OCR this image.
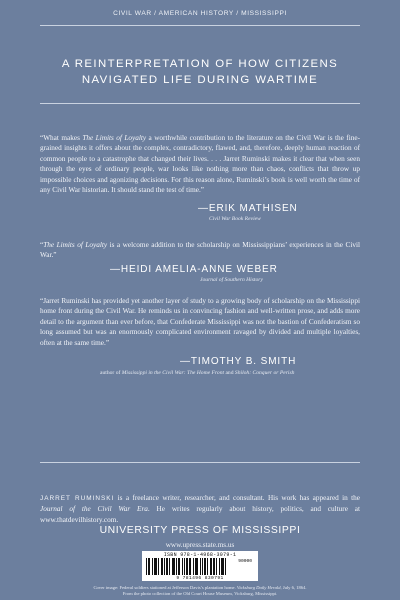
CIVIL WAR / AMERICAN HISTORY / MISSISSIPPI
A REINTERPRETATION OF HOW CITIZENS
NAVIGATED LIFE DURING WARTIME
“What makes The Limits of Loyalty a worthwhile contribution to the literature on the Civil War is the fine-grained insights it offers about the complex, contradictory, flawed, and, therefore, deeply human reaction of common people to a catastrophe that changed their lives. . . . Jarret Ruminski makes it clear that when seen through the eyes of ordinary people, war looks like nothing more than chaos, conflicts that throw up impossible choices and agonizing decisions. For this reason alone, Ruminski’s book is well worth the time of any Civil War historian. It should stand the test of time.”
—ERIK MATHISEN
Civil War Book Review
“The Limits of Loyalty is a welcome addition to the scholarship on Mississippians’ experiences in the Civil War.”
—HEIDI AMELIA-ANNE WEBER
Journal of Southern History
“Jarret Ruminski has provided yet another layer of study to a growing body of scholarship on the Mississippi home front during the Civil War. He reminds us in convincing fashion and well-written prose, and adds more detail to the argument than ever before, that Confederate Mississippi was not the bastion of Confederatism so long assumed but was an enormously complicated environment ravaged by divided and multiple loyalties, often at the same time.”
—TIMOTHY B. SMITH
author of Mississippi in the Civil War: The Home Front and Shiloh: Conquer or Perish
JARRET RUMINSKI is a freelance writer, researcher, and consultant. His work has appeared in the Journal of the Civil War Era. He writes regularly about history, politics, and culture at www.thatdevilhistory.com.
UNIVERSITY PRESS OF MISSISSIPPI
www.upress.state.ms.us
ISBN 978-1-4968-3079-1
90000
9 781496 830791
Cover image: Federal soldiers stationed at Jefferson Davis’s plantation home. Vicksburg Daily Herald, July 6, 1864.
From the photo collection of the Old Court House Museum, Vicksburg, Mississippi.
